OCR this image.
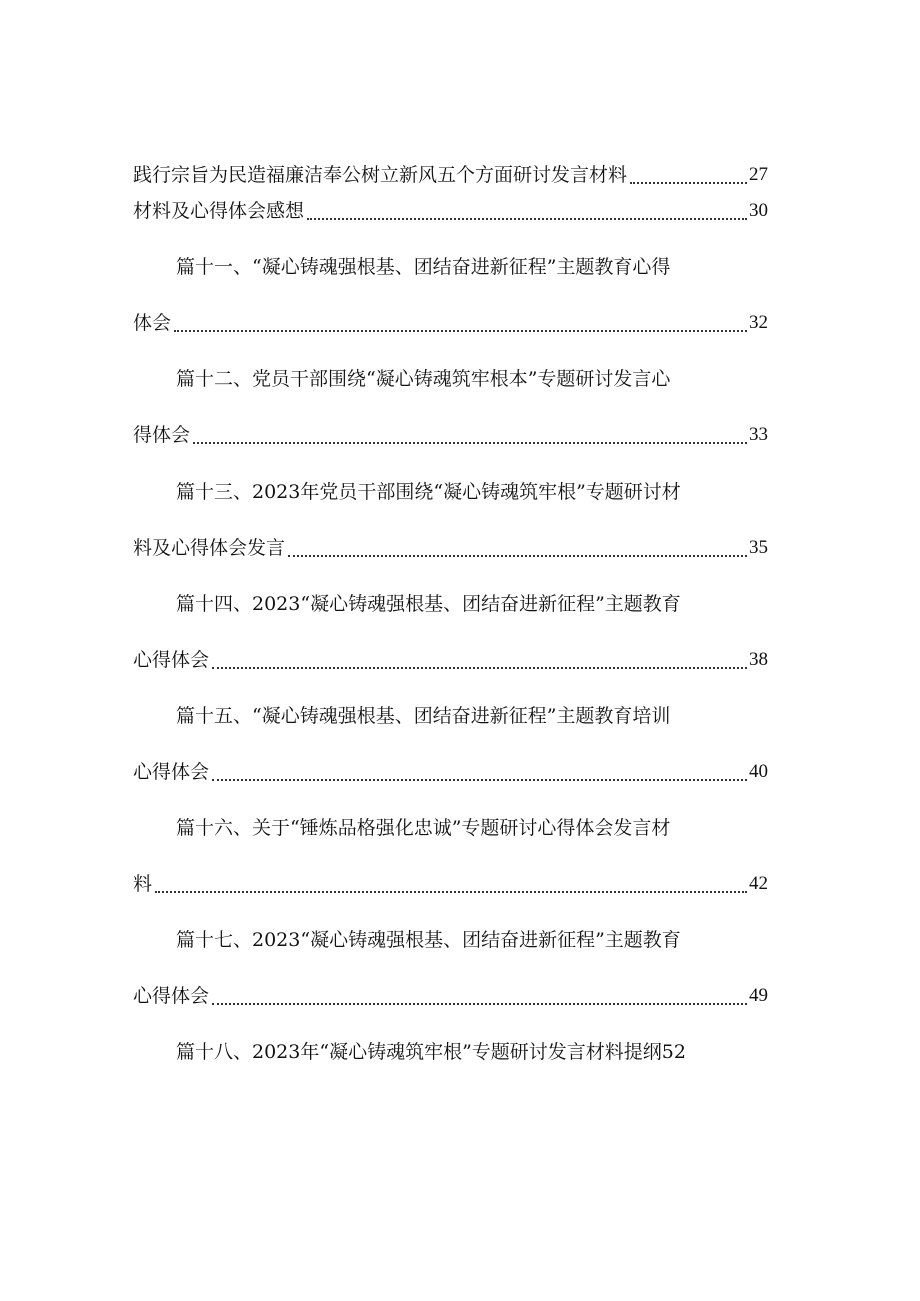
践行宗旨为民造福廉洁奉公树立新风五个方面研讨发言材料	27
材料及心得体会感想	30
篇十一、“凝心铸魂强根基、团结奋进新征程”主题教育心得
体会	32
篇十二、党员干部围绕“凝心铸魂筑牢根本”专题研讨发言心
得体会	33
篇十三、2023年党员干部围绕“凝心铸魂筑牢根”专题研讨材
料及心得体会发言	35
篇十四、2023“凝心铸魂强根基、团结奋进新征程”主题教育
心得体会	38
篇十五、“凝心铸魂强根基、团结奋进新征程”主题教育培训
心得体会	40
篇十六、关于“锤炼品格强化忠诚”专题研讨心得体会发言材
料	42
篇十七、2023“凝心铸魂强根基、团结奋进新征程”主题教育
心得体会	49
篇十八、2023年“凝心铸魂筑牢根”专题研讨发言材料提纲52
